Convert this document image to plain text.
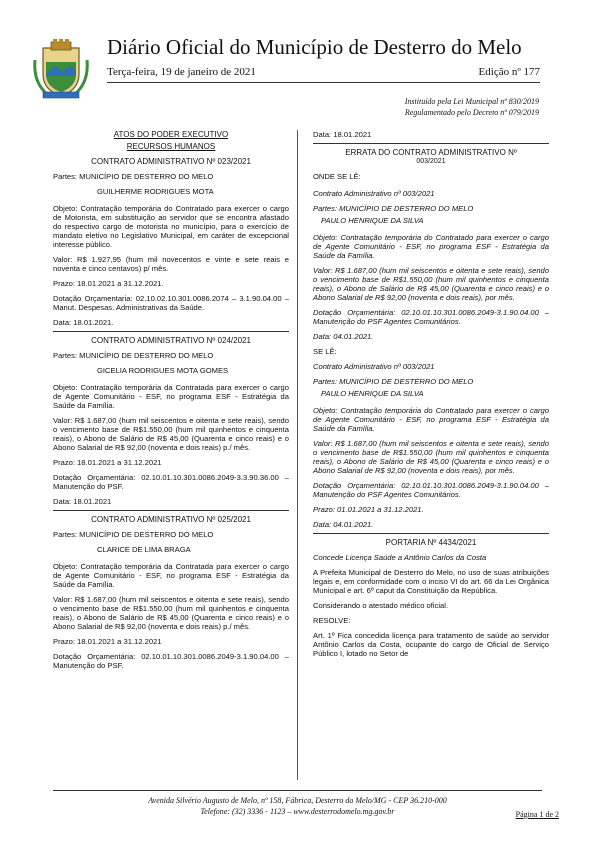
Diário Oficial do Município de Desterro do Melo
Terça-feira, 19 de janeiro de 2021	Edição nº 177
Instituído pela Lei Municipal nº 830/2019
Regulamentado pelo Decreto nº 079/2019
ATOS DO PODER EXECUTIVO
RECURSOS HUMANOS
CONTRATO ADMINISTRATIVO Nº 023/2021
Partes: MUNICÍPIO DE DESTERRO DO MELO
GUILHERME RODRIGUES MOTA
Objeto: Contratação temporária do Contratado para exercer o cargo de Motorista, em substituição ao servidor que se encontra afastado do respectivo cargo de motorista no município, para o exercício de mandato eletivo no Legislativo Municipal, em caráter de excepcional interesse público.
Valor: R$ 1.927,95 (hum mil novecentos e vinte e sete reais e noventa e cinco centavos) p/ mês.
Prazo: 18.01.2021 a 31.12.2021.
Dotação Orçamentaria: 02.10.02.10.301.0086.2074 – 3.1.90.04.00 – Manut. Despesas. Administrativas da Saúde.
Data: 18.01.2021.
CONTRATO ADMINISTRATIVO Nº 024/2021
Partes: MUNICÍPIO DE DESTERRO DO MELO
GICELIA RODRIGUES MOTA GOMES
Objeto: Contratação temporária da Contratada para exercer o cargo de Agente Comunitário - ESF, no programa ESF - Estratégia da Saúde da Família.
Valor: R$ 1.687,00 (hum mil seiscentos e oitenta e sete reais), sendo o vencimento base de R$1.550,00 (hum mil quinhentos e cinquenta reais), o Abono de Salário de R$ 45,00 (Quarenta e cinco reais) e o Abono Salarial de R$ 92,00 (noventa e dois reais) p./ mês.
Prazo: 18.01.2021 a 31.12.2021
Dotação Orçamentária: 02.10.01.10.301.0086.2049-3.3.90.36.00 – Manutenção do PSF.
Data: 18.01.2021
CONTRATO ADMINISTRATIVO Nº 025/2021
Partes: MUNICÍPIO DE DESTERRO DO MELO
CLARICE DE LIMA BRAGA
Objeto: Contratação temporária da Contratada para exercer o cargo de Agente Comunitário - ESF, no programa ESF - Estratégia da Saúde da Família.
Valor: R$ 1.687,00 (hum mil seiscentos e oitenta e sete reais), sendo o vencimento base de R$1.550,00 (hum mil quinhentos e cinquenta reais), o Abono de Salário de R$ 45,00 (Quarenta e cinco reais) e o Abono Salarial de R$ 92,00 (noventa e dois reais) p./ mês.
Prazo: 18.01.2021 a 31.12.2021
Dotação Orçamentária: 02.10.01.10.301.0086.2049-3.1.90.04.00 – Manutenção do PSF.
Data: 18.01.2021
ERRATA DO CONTRATO ADMINISTRATIVO Nº
003/2021
ONDE SE LÊ:
Contrato Administrativo nº 003/2021
Partes: MUNICÍPIO DE DESTERRO DO MELO
PAULO HENRIQUE DA SILVA
Objeto: Contratação temporária do Contratado para exercer o cargo de Agente Comunitário - ESF, no programa ESF - Estratégia da Saúde da Família.
Valor: R$ 1.687,00 (hum mil seiscentos e oitenta e sete reais), sendo o vencimento base de R$1.550,00 (hum mil quinhentos e cinquenta reais), o Abono de Salário de R$ 45,00 (Quarenta e cinco reais) e o Abono Salarial de R$ 92,00 (noventa e dois reais), por mês.
Dotação Orçamentária: 02.10.01.10.301.0086.2049-3.1.90.04.00 – Manutenção do PSF Agentes Comunitários.
Data: 04.01.2021.
SE LÊ:
Contrato Administrativo nº 003/2021
Partes: MUNICÍPIO DE DESTERRO DO MELO
PAULO HENRIQUE DA SILVA
Objeto: Contratação temporária do Contratado para exercer o cargo de Agente Comunitário - ESF, no programa ESF - Estratégia da Saúde da Família.
Valor: R$ 1.687,00 (hum mil seiscentos e oitenta e sete reais), sendo o vencimento base de R$1.550,00 (hum mil quinhentos e cinquenta reais), o Abono de Salário de R$ 45,00 (Quarenta e cinco reais) e o Abono Salarial de R$ 92,00 (noventa e dois reais), por mês.
Dotação Orçamentária: 02.10.01.10.301.0086.2049-3.1.90.04.00 – Manutenção do PSF Agentes Comunitários.
Prazo: 01.01.2021 a 31.12.2021.
Data: 04.01.2021.
PORTARIA Nº 4434/2021
Concede Licença Saúde a Antônio Carlos da Costa
A Prefeita Municipal de Desterro do Melo, no uso de suas atribuições legais e, em conformidade com o inciso VI do art. 66 da Lei Orgânica Municipal e art. 6º caput da Constituição da República.
Considerando o atestado médico oficial.
RESOLVE:
Art. 1º Fica concedida licença para tratamento de saúde ao servidor Antônio Carlos da Costa, ocupante do cargo de Oficial de Serviço Público I, lotado no Setor de
Avenida Silvério Augusto de Melo, nº 158, Fábrica, Desterro do Melo/MG - CEP 36.210-000
Telefone: (32) 3336 - 1123 – www.desterrodomelo.mg.gov.br	Página 1 de 2
